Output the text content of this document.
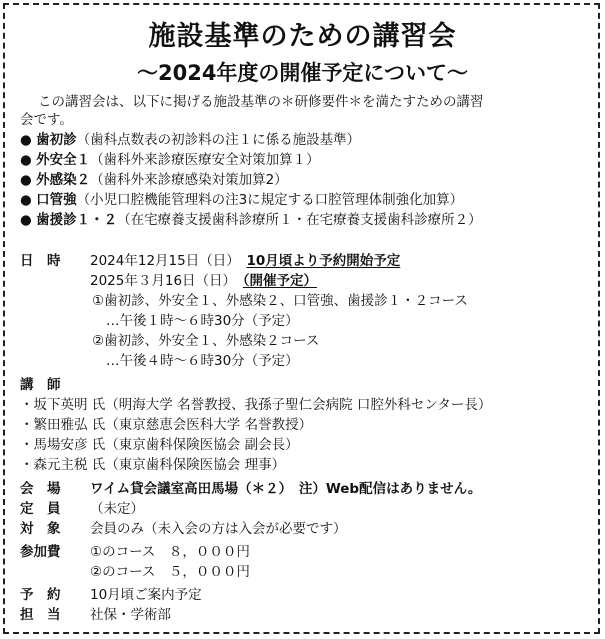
施設基準のための講習会
〜2024年度の開催予定について〜
この講習会は、以下に掲げる施設基準の＊研修要件＊を満たすための講習
会です。
● 歯初診（歯科点数表の初診料の注１に係る施設基準）
● 外安全１（歯科外来診療医療安全対策加算１）
● 外感染２（歯科外来診療感染対策加算2）
● 口管強（小児口腔機能管理料の注3に規定する口腔管理体制強化加算）
● 歯援診１・２（在宅療養支援歯科診療所１・在宅療養支援歯科診療所２）
日　時 2024年12月15日（日）　 10月頃より予約開始予定
2025年３月16日（日）　 （開催予定）
①歯初診、外安全１、外感染２、口管強、歯援診１・２コース
…午後１時〜６時30分（予定）
②歯初診、外安全１、外感染２コース
…午後４時〜６時30分（予定）
講　師
・坂下英明 氏（明海大学 名誉教授、我孫子聖仁会病院 口腔外科センター長）
・繁田雅弘 氏（東京慈恵会医科大学 名誉教授）
・馬場安彦 氏（東京歯科保険医協会 副会長）
・森元主税 氏（東京歯科保険医協会 理事）
会　場 ワイム貸会議室高田馬場（＊２）　注）Web配信はありません。
定　員 （未定）
対　象 会員のみ（未入会の方は入会が必要です）
参加費 ①のコース　８，０００円
②のコース　５，０００円
予　約 10月頃ご案内予定
担　当 社保・学術部
